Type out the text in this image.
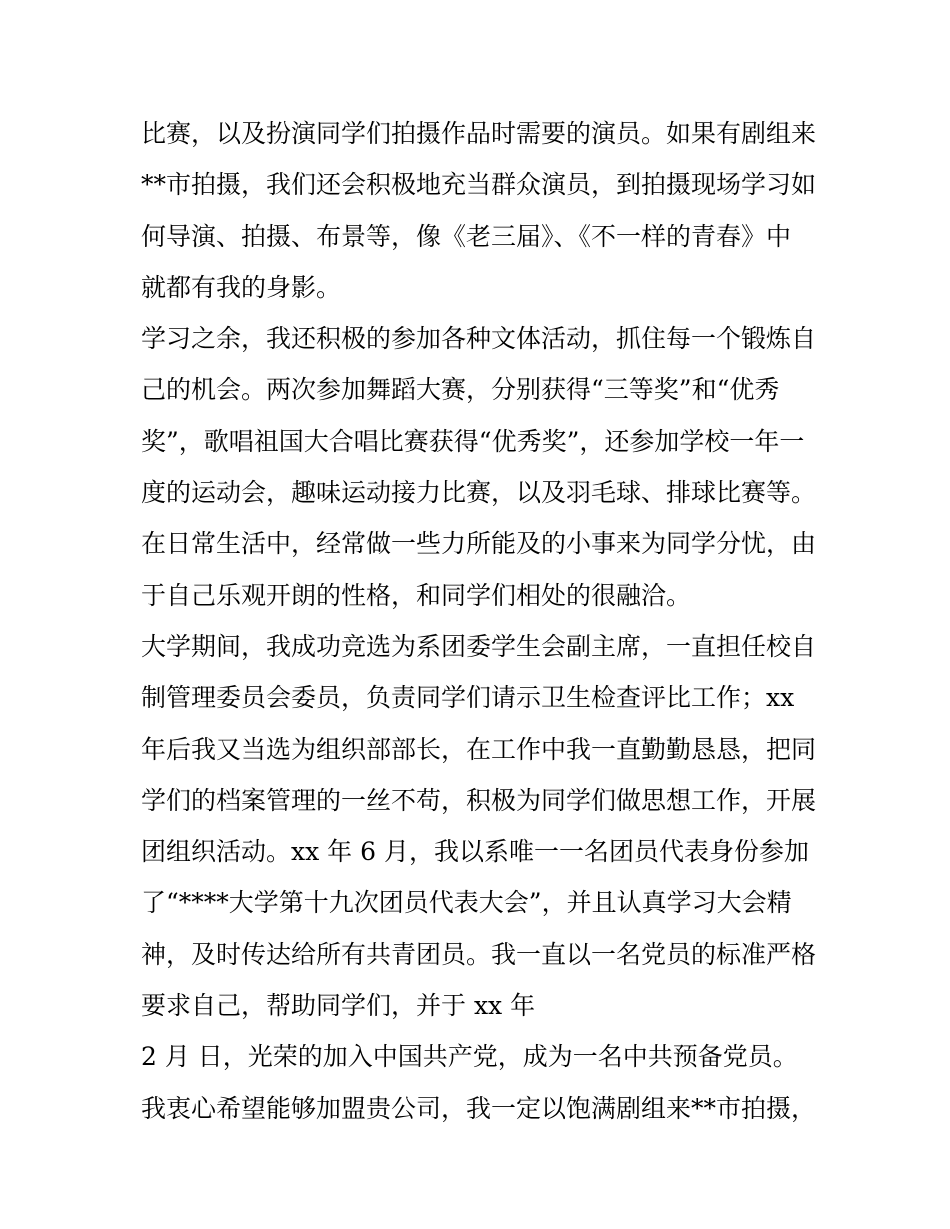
比赛，以及扮演同学们拍摄作品时需要的演员。如果有剧组来
**市拍摄，我们还会积极地充当群众演员，到拍摄现场学习如
何导演、拍摄、布景等，像《老三届》、《不一样的青春》中
就都有我的身影。
学习之余，我还积极的参加各种文体活动，抓住每一个锻炼自
己的机会。两次参加舞蹈大赛，分别获得“三等奖”和“优秀
奖”，歌唱祖国大合唱比赛获得“优秀奖”，还参加学校一年一
度的运动会，趣味运动接力比赛，以及羽毛球、排球比赛等。
在日常生活中，经常做一些力所能及的小事来为同学分忧，由
于自己乐观开朗的性格，和同学们相处的很融洽。
大学期间，我成功竞选为系团委学生会副主席，一直担任校自
制管理委员会委员，负责同学们请示卫生检查评比工作；xx
年后我又当选为组织部部长，在工作中我一直勤勤恳恳，把同
学们的档案管理的一丝不苟，积极为同学们做思想工作，开展
团组织活动。xx 年 6 月，我以系唯一一名团员代表身份参加
了“****大学第十九次团员代表大会”，并且认真学习大会精
神，及时传达给所有共青团员。我一直以一名党员的标准严格
要求自己，帮助同学们，并于 xx 年
2 月 日，光荣的加入中国共产党，成为一名中共预备党员。
我衷心希望能够加盟贵公司，我一定以饱满剧组来**市拍摄，
